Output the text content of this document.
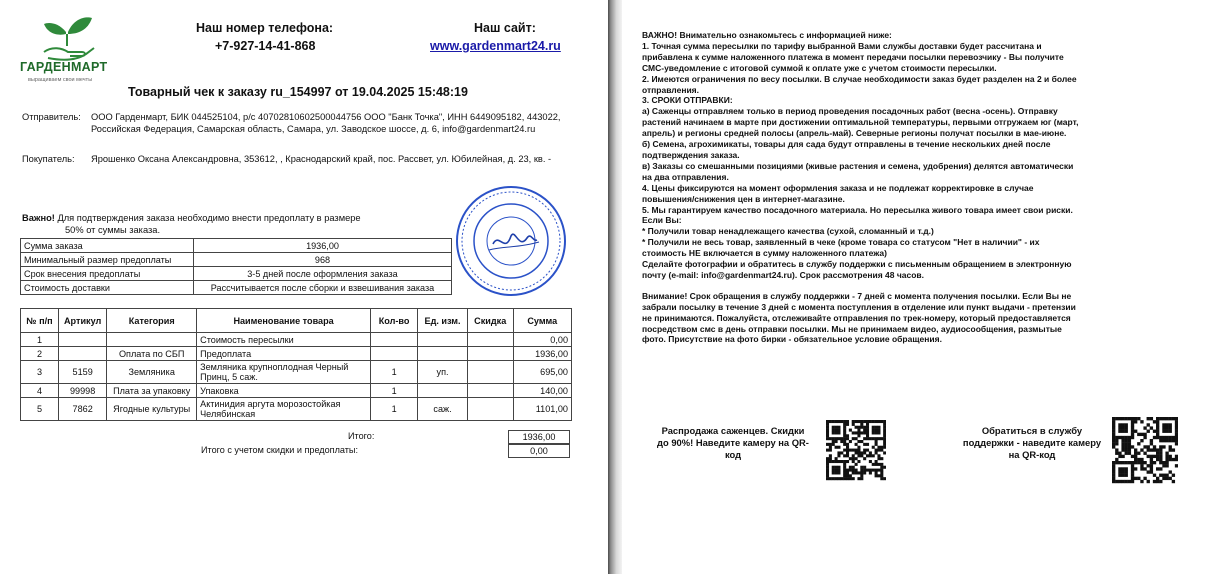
ГАРДЕНМАРТ
выращиваем свои мечты
Наш номер телефона:
+7-927-14-41-868
Наш сайт:
www.gardenmart24.ru
Товарный чек к заказу ru_154997 от 19.04.2025 15:48:19
Отправитель: ООО Гарденмарт, БИК 044525104, р/с 40702810602500044756 ООО "Банк Точка", ИНН 6449095182, 443022, Российская Федерация, Самарская область, Самара, ул. Заводское шоссе, д. 6, info@gardenmart24.ru
Покупатель: Ярошенко Оксана Александровна, 353612, , Краснодарский край, пос. Рассвет, ул. Юбилейная, д. 23, кв. -
Важно! Для подтверждения заказа необходимо внести предоплату в размере
50% от суммы заказа.
Сумма заказа	1936,00
Минимальный размер предоплаты	968
Срок внесения предоплаты	3-5 дней после оформления заказа
Стоимость доставки	Рассчитывается после сборки и взвешивания заказа
№ п/п	Артикул	Категория	Наименование товара	Кол-во	Ед. изм.	Скидка	Сумма
1			Стоимость пересылки				0,00
2		Оплата по СБП	Предоплата				1936,00
3	5159	Земляника	Земляника крупноплодная Черный Принц, 5 саж.	1	уп.		695,00
4	99998	Плата за упаковку	Упаковка	1			140,00
5	7862	Ягодные культуры	Актинидия аргута морозостойкая Челябинская	1	саж.		1101,00
Итого:	1936,00
Итого с учетом скидки и предоплаты:	0,00

ВАЖНО! Внимательно ознакомьтесь с информацией ниже:

1. Точная сумма пересылки по тарифу выбранной Вами службы доставки будет рассчитана и прибавлена к сумме наложенного платежа в момент передачи посылки перевозчику - Вы получите СМС-уведомление с итоговой суммой к оплате уже с учетом стоимости пересылки.

2. Имеются ограничения по весу посылки. В случае необходимости заказ будет разделен на 2 и более отправления.

3. СРОКИ ОТПРАВКИ:

а) Саженцы отправляем только в период проведения посадочных работ (весна -осень). Отправку растений начинаем в марте при достижении оптимальной температуры, первыми отгружаем юг (март, апрель) и регионы средней полосы (апрель-май). Северные регионы получат посылки в мае-июне.

б) Семена, агрохимикаты, товары для сада будут отправлены в течение нескольких дней после подтверждения заказа.

в) Заказы со смешанными позициями (живые растения и семена, удобрения) делятся автоматически на два отправления.

4. Цены фиксируются на момент оформления заказа и не подлежат корректировке в случае повышения/снижения цен в интернет-магазине.

5. Мы гарантируем качество посадочного материала. Но пересылка живого товара имеет свои риски. Если Вы:

* Получили товар ненадлежащего качества (сухой, сломанный и т.д.)

* Получили не весь товар, заявленный в чеке (кроме товара со статусом "Нет в наличии" - их стоимость НЕ включается в сумму наложенного платежа)

Сделайте фотографии и обратитесь в службу поддержки с письменным обращением в электронную почту (e-mail: info@gardenmart24.ru). Срок рассмотрения 48 часов.

Внимание! Срок обращения в службу поддержки - 7 дней с момента получения посылки. Если Вы не забрали посылку в течение 3 дней с момента поступления в отделение или пункт выдачи - претензии не принимаются. Пожалуйста, отслеживайте отправления по трек-номеру, который предоставляется посредством смс в день отправки посылки. Мы не принимаем видео, аудиосообщения, размытые фото. Присутствие на фото бирки - обязательное условие обращения.

Распродажа саженцев. Скидки до 90%! Наведите камеру на QR-код
Обратиться в службу поддержки - наведите камеру на QR-код
